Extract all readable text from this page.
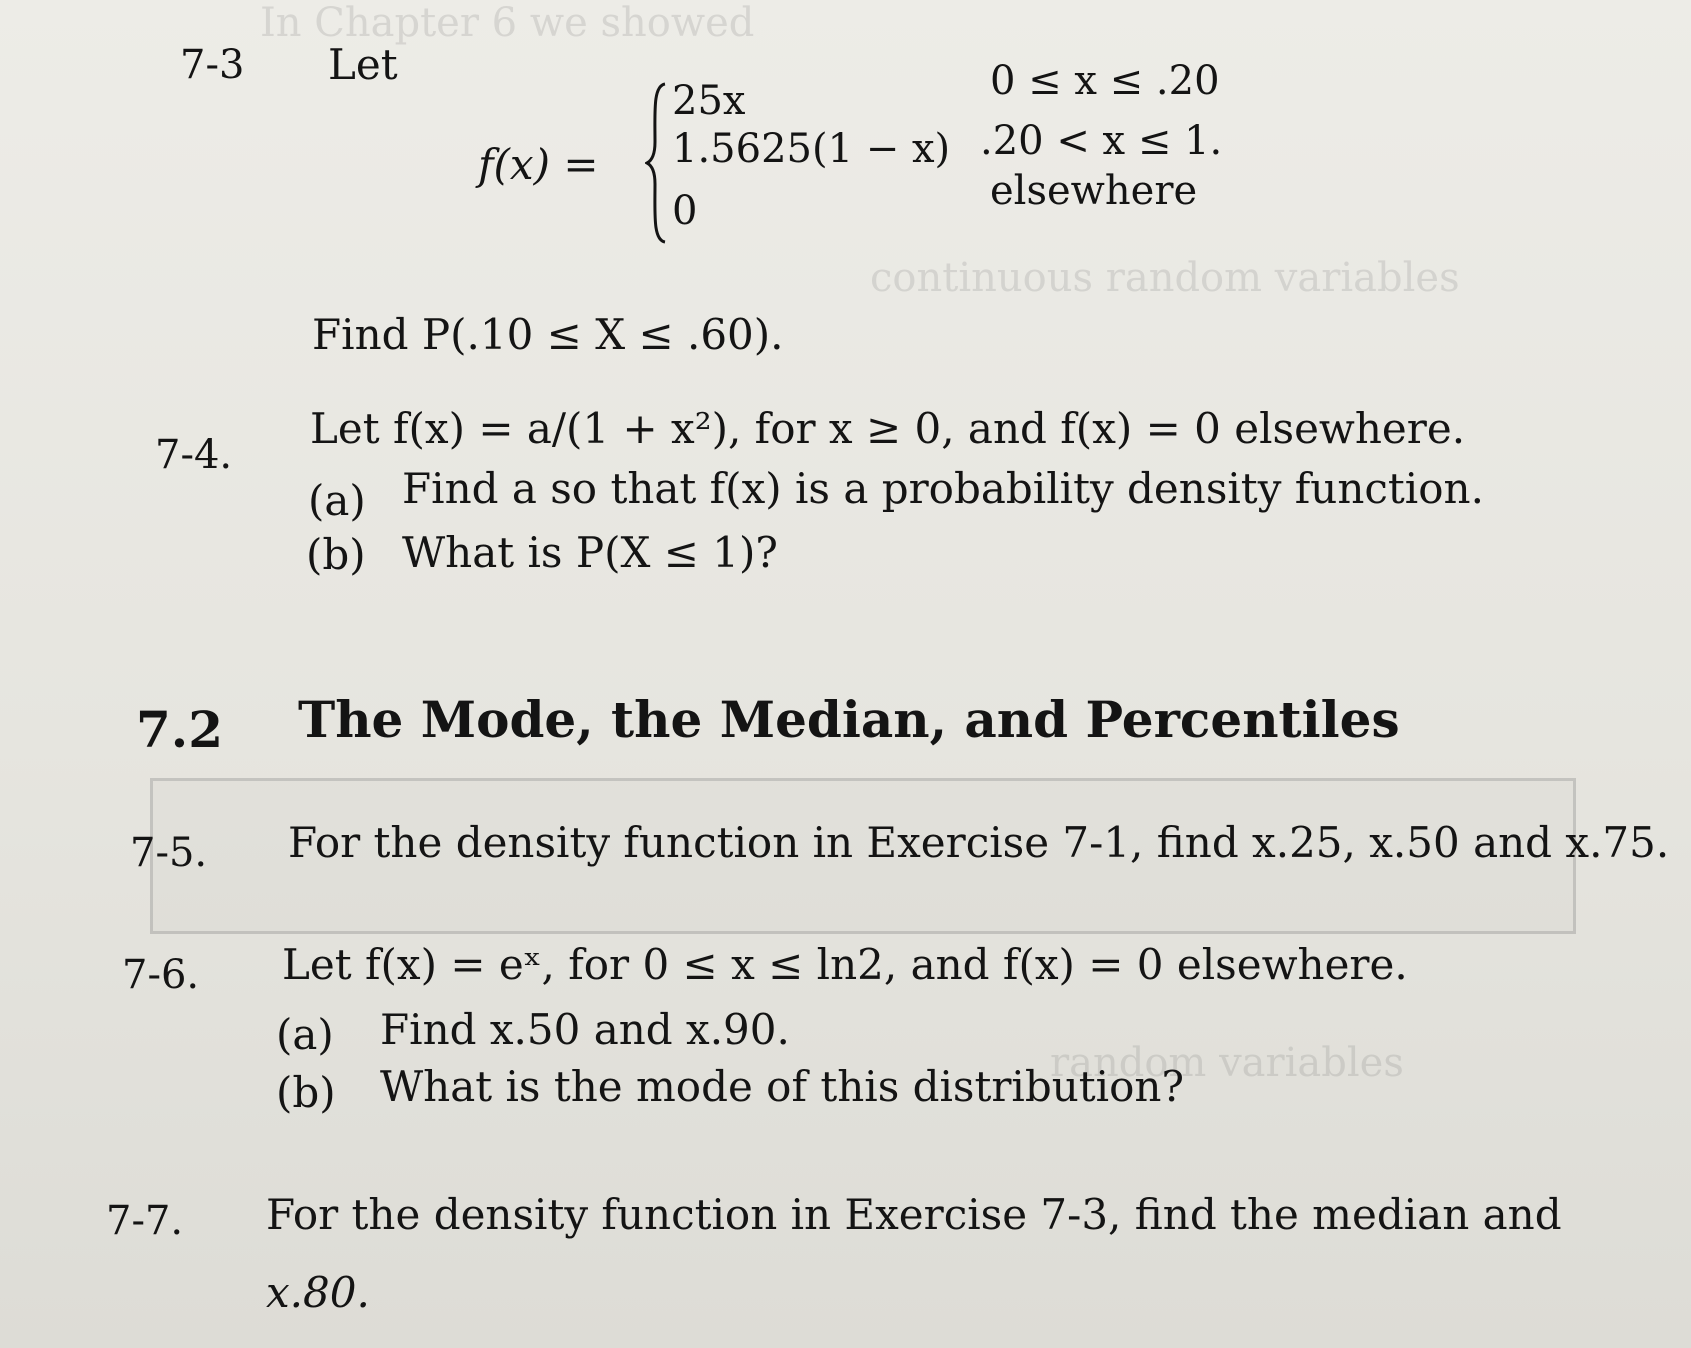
In Chapter 6 we showed
continuous random variables
random variables
7-3 Let
f(x) =
25x	0 ≤ x ≤ .20
1.5625(1 − x) .20 < x ≤ 1.
0	elsewhere
Find P(.10 ≤ X ≤ .60).
7-4.
Let f(x) = a/(1 + x²), for x ≥ 0, and f(x) = 0 elsewhere.
(a) Find a so that f(x) is a probability density function.
(b) What is P(X ≤ 1)?
7.2 The Mode, the Median, and Percentiles
7-5. For the density function in Exercise 7-1, find x.25, x.50 and x.75.
7-6. Let f(x) = eˣ, for 0 ≤ x ≤ ln2, and f(x) = 0 elsewhere.
(a) Find x.50 and x.90.
(b) What is the mode of this distribution?
7-7. For the density function in Exercise 7-3, find the median and
x.80.
